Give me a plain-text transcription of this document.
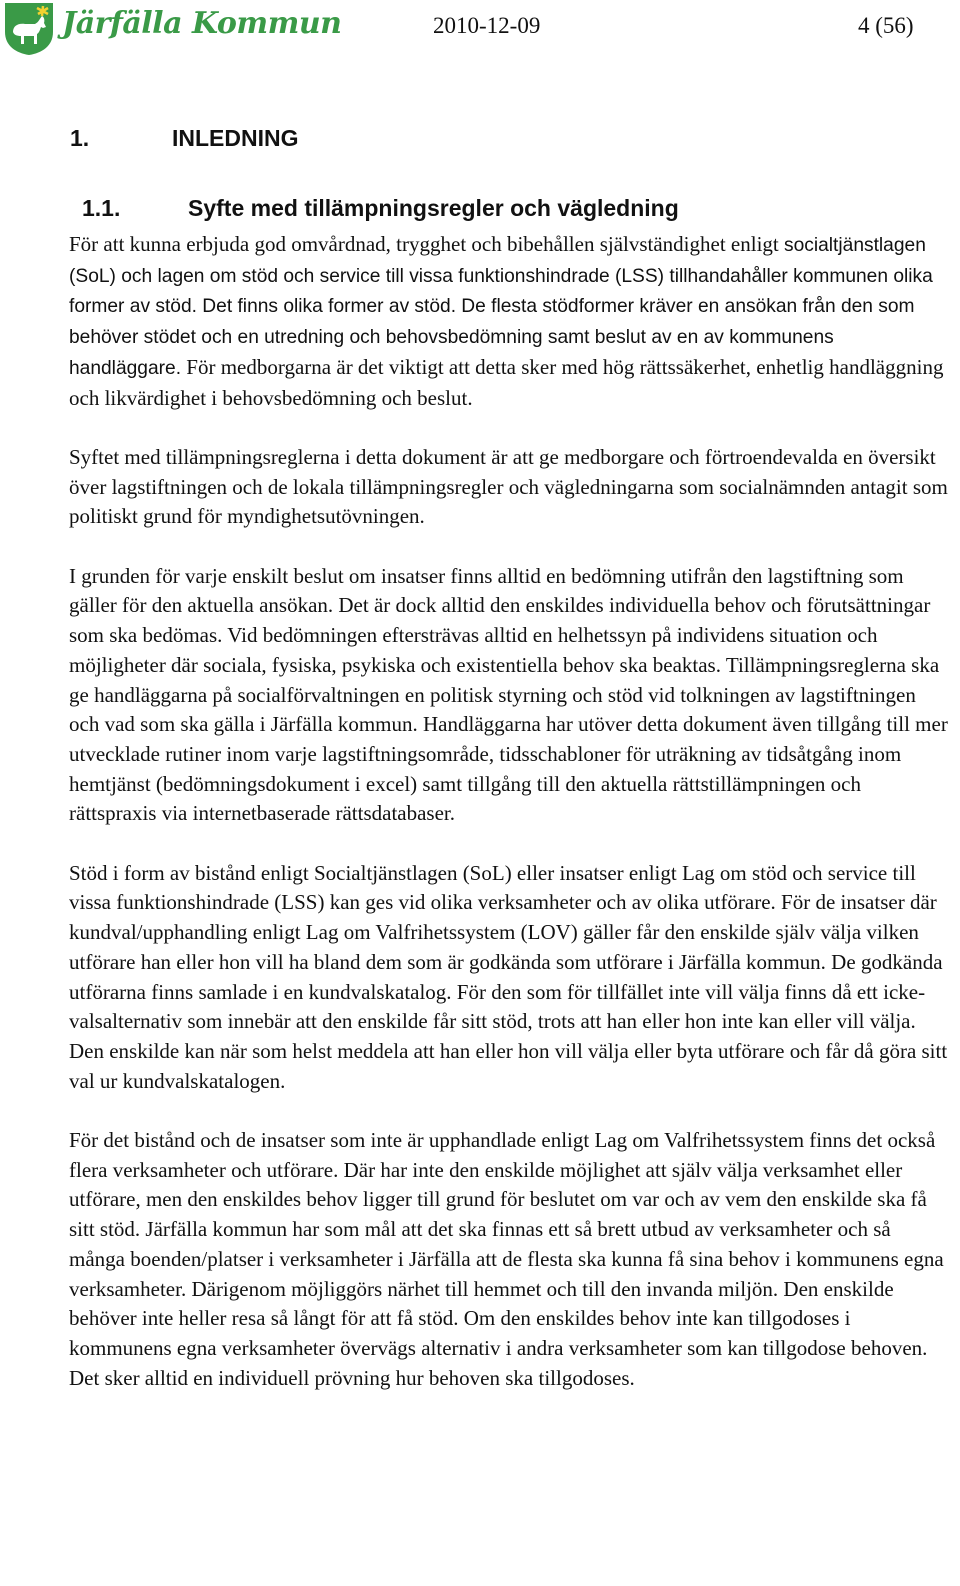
Järfälla Kommun	2010-12-09	4 (56)
1.	INLEDNING
1.1.	Syfte med tillämpningsregler och vägledning

För att kunna erbjuda god omvårdnad, trygghet och bibehållen självständighet enligt socialtjänstlagen (SoL) och lagen om stöd och service till vissa funktionshindrade (LSS) tillhandahåller kommunen olika former av stöd. Det finns olika former av stöd. De flesta stödformer kräver en ansökan från den som behöver stödet och en utredning och behovsbedömning samt beslut av en av kommunens handläggare. För medborgarna är det viktigt att detta sker med hög rättssäkerhet, enhetlig handläggning och likvärdighet i behovsbedömning och beslut.

Syftet med tillämpningsreglerna i detta dokument är att ge medborgare och förtroendevalda en översikt över lagstiftningen och de lokala tillämpningsregler och vägledningarna som socialnämnden antagit som politiskt grund för myndighetsutövningen.

I grunden för varje enskilt beslut om insatser finns alltid en bedömning utifrån den lagstiftning som gäller för den aktuella ansökan. Det är dock alltid den enskildes individuella behov och förutsättningar som ska bedömas. Vid bedömningen eftersträvas alltid en helhetssyn på individens situation och möjligheter där sociala, fysiska, psykiska och existentiella behov ska beaktas. Tillämpningsreglerna ska ge handläggarna på socialförvaltningen en politisk styrning och stöd vid tolkningen av lagstiftningen och vad som ska gälla i Järfälla kommun. Handläggarna har utöver detta dokument även tillgång till mer utvecklade rutiner inom varje lagstiftningsområde, tidsschabloner för uträkning av tidsåtgång inom hemtjänst (bedömningsdokument i excel) samt tillgång till den aktuella rättstillämpningen och rättspraxis via internetbaserade rättsdatabaser.

Stöd i form av bistånd enligt Socialtjänstlagen (SoL) eller insatser enligt Lag om stöd och service till vissa funktionshindrade (LSS) kan ges vid olika verksamheter och av olika utförare. För de insatser där kundval/upphandling enligt Lag om Valfrihetssystem (LOV) gäller får den enskilde själv välja vilken utförare han eller hon vill ha bland dem som är godkända som utförare i Järfälla kommun. De godkända utförarna finns samlade i en kundvalskatalog. För den som för tillfället inte vill välja finns då ett icke-valsalternativ som innebär att den enskilde får sitt stöd, trots att han eller hon inte kan eller vill välja. Den enskilde kan när som helst meddela att han eller hon vill välja eller byta utförare och får då göra sitt val ur kundvalskatalogen.

För det bistånd och de insatser som inte är upphandlade enligt Lag om Valfrihetssystem finns det också flera verksamheter och utförare. Där har inte den enskilde möjlighet att själv välja verksamhet eller utförare, men den enskildes behov ligger till grund för beslutet om var och av vem den enskilde ska få sitt stöd. Järfälla kommun har som mål att det ska finnas ett så brett utbud av verksamheter och så många boenden/platser i verksamheter i Järfälla att de flesta ska kunna få sina behov i kommunens egna verksamheter. Därigenom möjliggörs närhet till hemmet och till den invanda miljön. Den enskilde behöver inte heller resa så långt för att få stöd. Om den enskildes behov inte kan tillgodoses i kommunens egna verksamheter övervägs alternativ i andra verksamheter som kan tillgodose behoven. Det sker alltid en individuell prövning hur behoven ska tillgodoses.
